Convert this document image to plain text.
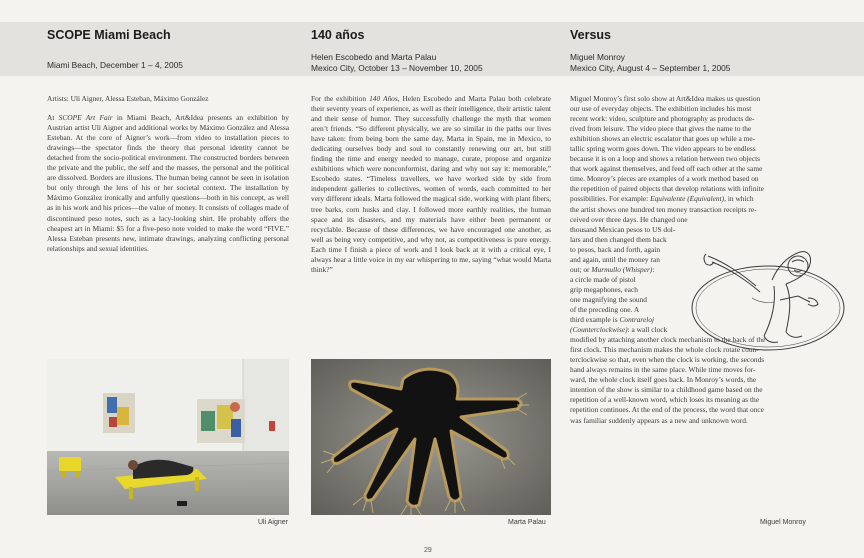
SCOPE Miami Beach
Miami Beach, December 1 – 4, 2005
140 años
Helen Escobedo and Marta Palau
Mexico City, October 13 – November 10, 2005
Versus
Miguel Monroy
Mexico City, August 4 – September 1, 2005

Artists: Uli Aigner, Alessa Esteban, Máximo González

At SCOPE Art Fair in Miami Beach, Art&Idea presents an exhibition by Austrian artist Uli Aigner and additional works by Máximo González and Alessa Esteban. At the core of Aigner’s work—from video to installation pieces to drawings—the spectator finds the theory that personal identity cannot be detached from the socio-political environment. The constructed borders between the private and the public, the self and the masses, the personal and the political are dissolved. Borders are illusions. The human being cannot be seen in isolation but only through the lens of his or her societal context. The installation by Máximo González ironically and artfully questions—both in his concept, as well as in his work and his prices—the value of money. It consists of collages made of discontinued peso notes, such as a lacy-looking shirt. He probably offers the cheapest art in Miami: $5 for a five-peso note voided to make the word “FIVE.” Alessa Esteban presents new, intimate drawings, analyzing conflicting personal relationships and sexual identities.

For the exhibition 140 Años, Helen Escobedo and Marta Palau both celebrate their seventy years of experience, as well as their intelligence, their artistic talent and their sense of humor. They successfully challenge the myth that women aren’t friends. “So different physically, we are so similar in the paths our lives have taken: from being born the same day, Marta in Spain, me in Mexico, to dedicating ourselves body and soul to constantly renewing our art, but still finding the time and energy needed to manage, curate, propose and organize exhibitions which were nonconformist, daring and why not say it: memorable,” Escobedo states. “Timeless travellers, we have worked side by side from independent galleries to collectives, women of words, each committed to her very different ideals. Marta followed the magical side, working with plant fibers, tree barks, corn husks and clay. I followed more earthly realities, the human space and its disasters, and my materials have either been permanent or recyclable. Because of these differences, we have encouraged one another, as well as being very competitive, and why not, as competitiveness is pure energy. Each time I finish a piece of work and I look back at it with a critical eye, I always hear a little voice in my ear whispering to me, saying “what would Marta think?”

Miguel Monroy’s first solo show at Art&Idea makes us question
our use of everyday objects. The exhibition includes his most
recent work: video, sculpture and photography as products de-
rived from leisure. The video piece that gives the name to the
exhibition shows an electric escalator that goes up while a me-
tallic spring worm goes down. The video appears to be endless
because it is on a loop and shows a relation between two objects
that work against themselves, and feed off each other at the same
time. Monroy’s pieces are examples of a work method based on
the repetition of paired objects that develop relations with infinite
possibilities. For example: Equivalente (Equivalent), in which
the artist shows one hundred ten money transaction receipts re-
ceived over three days. He changed one
thousand Mexican pesos to US dol-
lars and then changed them back
to pesos, back and forth, again
and again, until the money ran
out; or Murmullo (Whisper):
a circle made of pistol
grip megaphones, each
one magnifying the sound
of the preceding one. A
third example is Contrareloj
(Counterclockwise): a wall clock
modified by attaching another clock mechanism to the back of the
first clock. This mechanism makes the whole clock rotate coun-
terclockwise so that, even when the clock is working, the seconds
hand always remains in the same place. While time moves for-
ward, the whole clock itself goes back. In Monroy’s words, the
intention of the show is similar to a childhood game based on the
repetition of a well-known word, which loses its meaning as the
repetition continues. At the end of the process, the word that once
was familiar suddenly appears as a new and unknown word.
Uli Aigner	Marta Palau	Miguel Monroy
29
